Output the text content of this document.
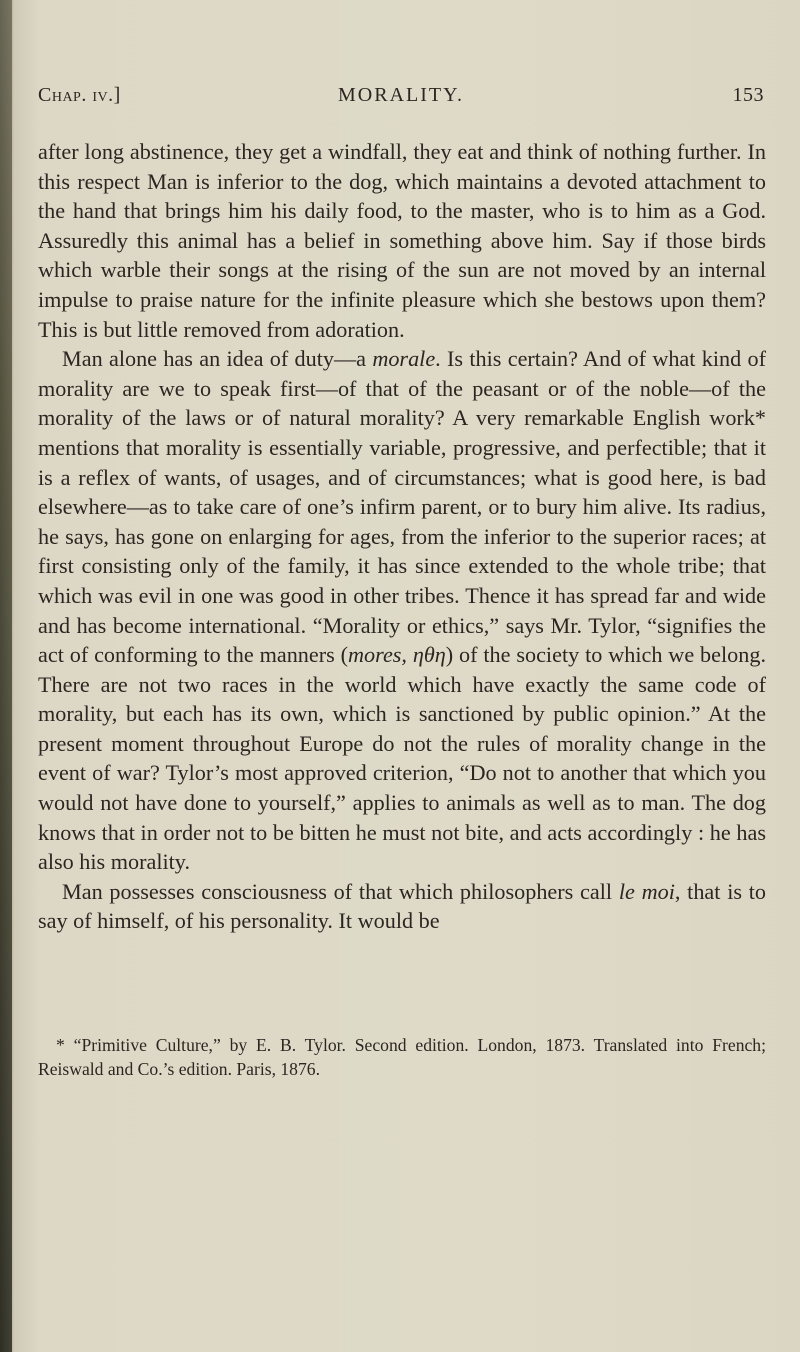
Chap. iv.]	MORALITY.	153

after long abstinence, they get a windfall, they eat and think of nothing further. In this respect Man is inferior to the dog, which maintains a devoted attachment to the hand that brings him his daily food, to the master, who is to him as a God. Assuredly this animal has a belief in something above him. Say if those birds which warble their songs at the rising of the sun are not moved by an internal impulse to praise nature for the infinite pleasure which she bestows upon them? This is but little removed from adoration.

Man alone has an idea of duty—a morale. Is this certain? And of what kind of morality are we to speak first—of that of the peasant or of the noble—of the morality of the laws or of natural morality? A very remarkable English work* mentions that morality is essentially variable, progressive, and perfectible; that it is a reflex of wants, of usages, and of circumstances; what is good here, is bad elsewhere—as to take care of one’s infirm parent, or to bury him alive. Its radius, he says, has gone on enlarging for ages, from the inferior to the superior races; at first consisting only of the family, it has since extended to the whole tribe; that which was evil in one was good in other tribes. Thence it has spread far and wide and has become international. “Morality or ethics,” says Mr. Tylor, “signifies the act of conforming to the manners (mores, ηθη) of the society to which we belong. There are not two races in the world which have exactly the same code of morality, but each has its own, which is sanctioned by public opinion.” At the present moment throughout Europe do not the rules of morality change in the event of war? Tylor’s most approved criterion, “Do not to another that which you would not have done to yourself,” applies to animals as well as to man. The dog knows that in order not to be bitten he must not bite, and acts accordingly : he has also his morality.

Man possesses consciousness of that which philosophers call le moi, that is to say of himself, of his personality. It would be

* “Primitive Culture,” by E. B. Tylor. Second edition. London, 1873. Translated into French; Reiswald and Co.’s edition. Paris, 1876.
